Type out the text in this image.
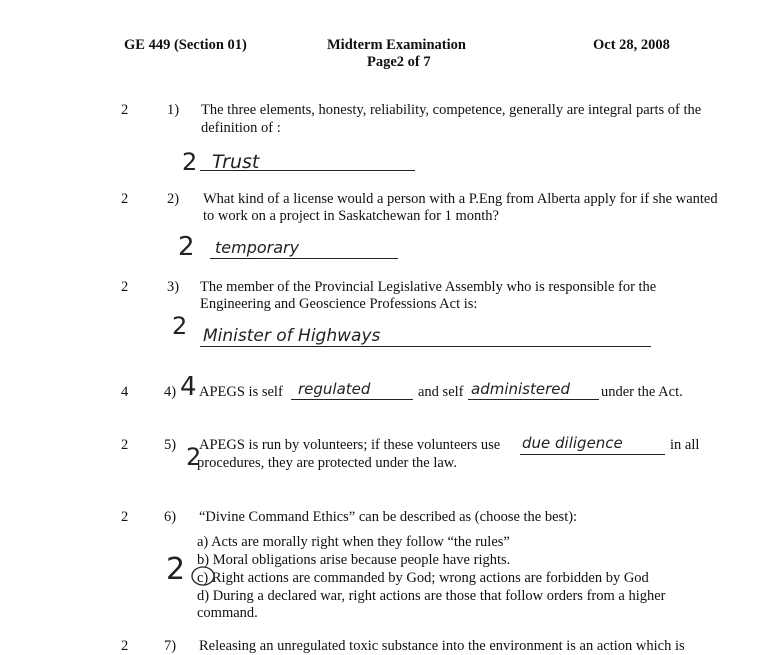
GE 449 (Section 01)	Midterm Examination
Page2 of 7
Oct 28, 2008
2	1) The three elements, honesty, reliability, competence, generally are integral parts of the
definition of :
2 Trust
2	2) What kind of a license would a person with a P.Eng from Alberta apply for if she wanted
to work on a project in Saskatchewan for 1 month?
2 temporary
2	3) The member of the Provincial Legislative Assembly who is responsible for the
Engineering and Geoscience Professions Act is:
2 Minister of Highways
4 4) 4 APEGS is self regulated	and self administered under the Act.
2 5) APEGS is run by volunteers; if these volunteers use due diligence	in all
procedures, they are protected under the law.
2
2 6) “Divine Command Ethics” can be described as (choose the best):
a) Acts are morally right when they follow “the rules”
b) Moral obligations arise because people have rights.
c) Right actions are commanded by God; wrong actions are forbidden by God
d) During a declared war, right actions are those that follow orders from a higher
command.
2
2 7) Releasing an unregulated toxic substance into the environment is an action which is
